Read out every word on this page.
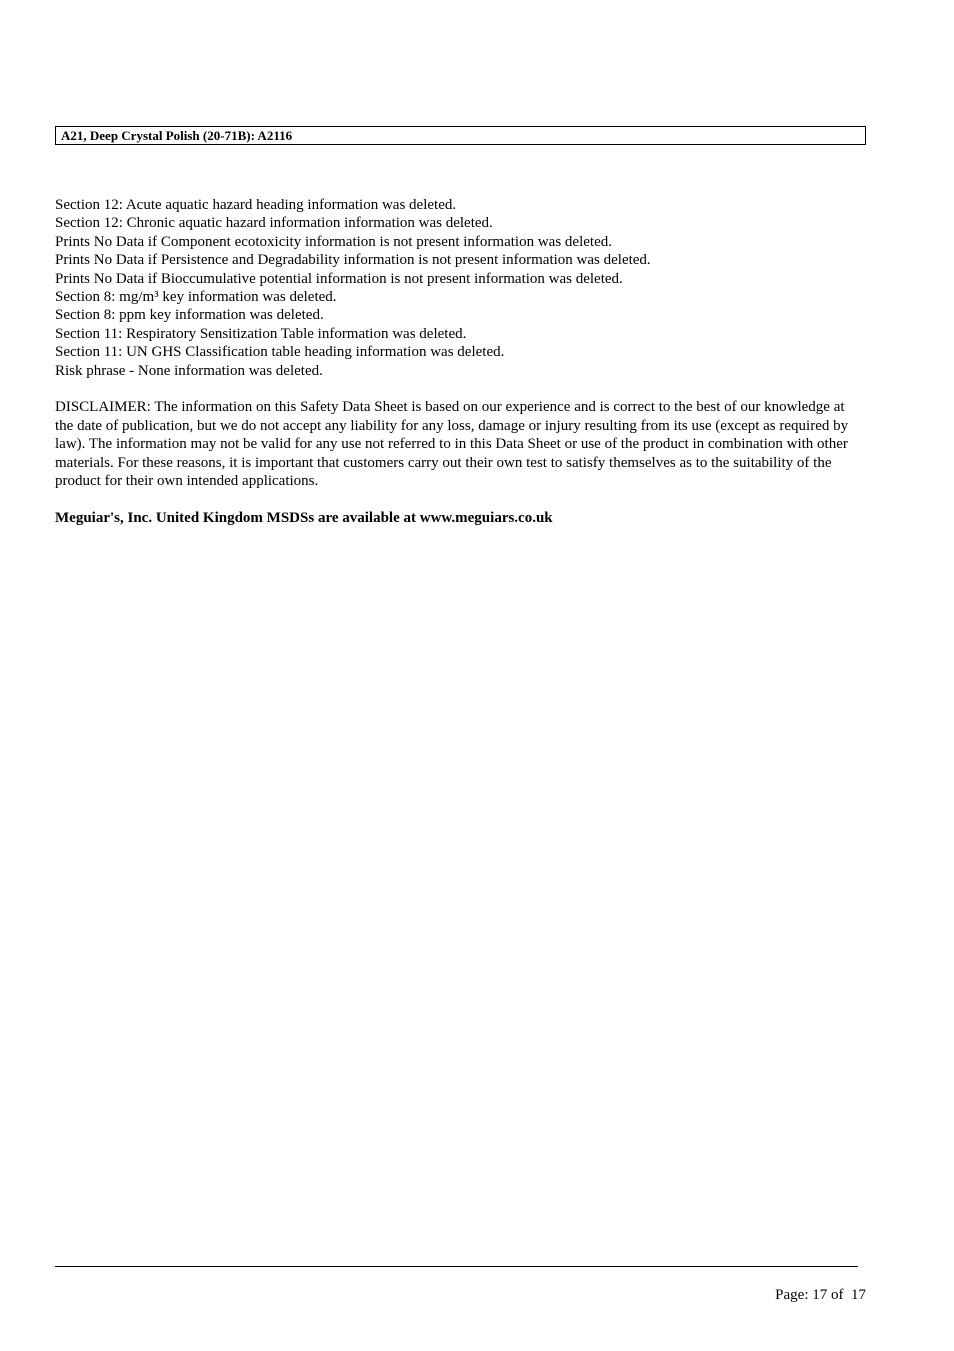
A21, Deep Crystal Polish (20-71B): A2116
Section 12: Acute aquatic hazard heading information was deleted.
Section 12: Chronic aquatic hazard information information was deleted.
Prints No Data if Component ecotoxicity information is not present information was deleted.
Prints No Data if Persistence and Degradability information is not present information was deleted.
Prints No Data if Bioccumulative potential information is not present information was deleted.
Section 8: mg/m³ key information was deleted.
Section 8: ppm key information was deleted.
Section 11: Respiratory Sensitization Table information was deleted.
Section 11: UN GHS Classification table heading information was deleted.
Risk phrase - None information was deleted.

DISCLAIMER: The information on this Safety Data Sheet is based on our experience and is correct to the best of our knowledge at the date of publication, but we do not accept any liability for any loss, damage or injury resulting from its use (except as required by law). The information may not be valid for any use not referred to in this Data Sheet or use of the product in combination with other materials. For these reasons, it is important that customers carry out their own test to satisfy themselves as to the suitability of the product for their own intended applications.

Meguiar's, Inc. United Kingdom MSDSs are available at www.meguiars.co.uk

Page: 17 of  17
